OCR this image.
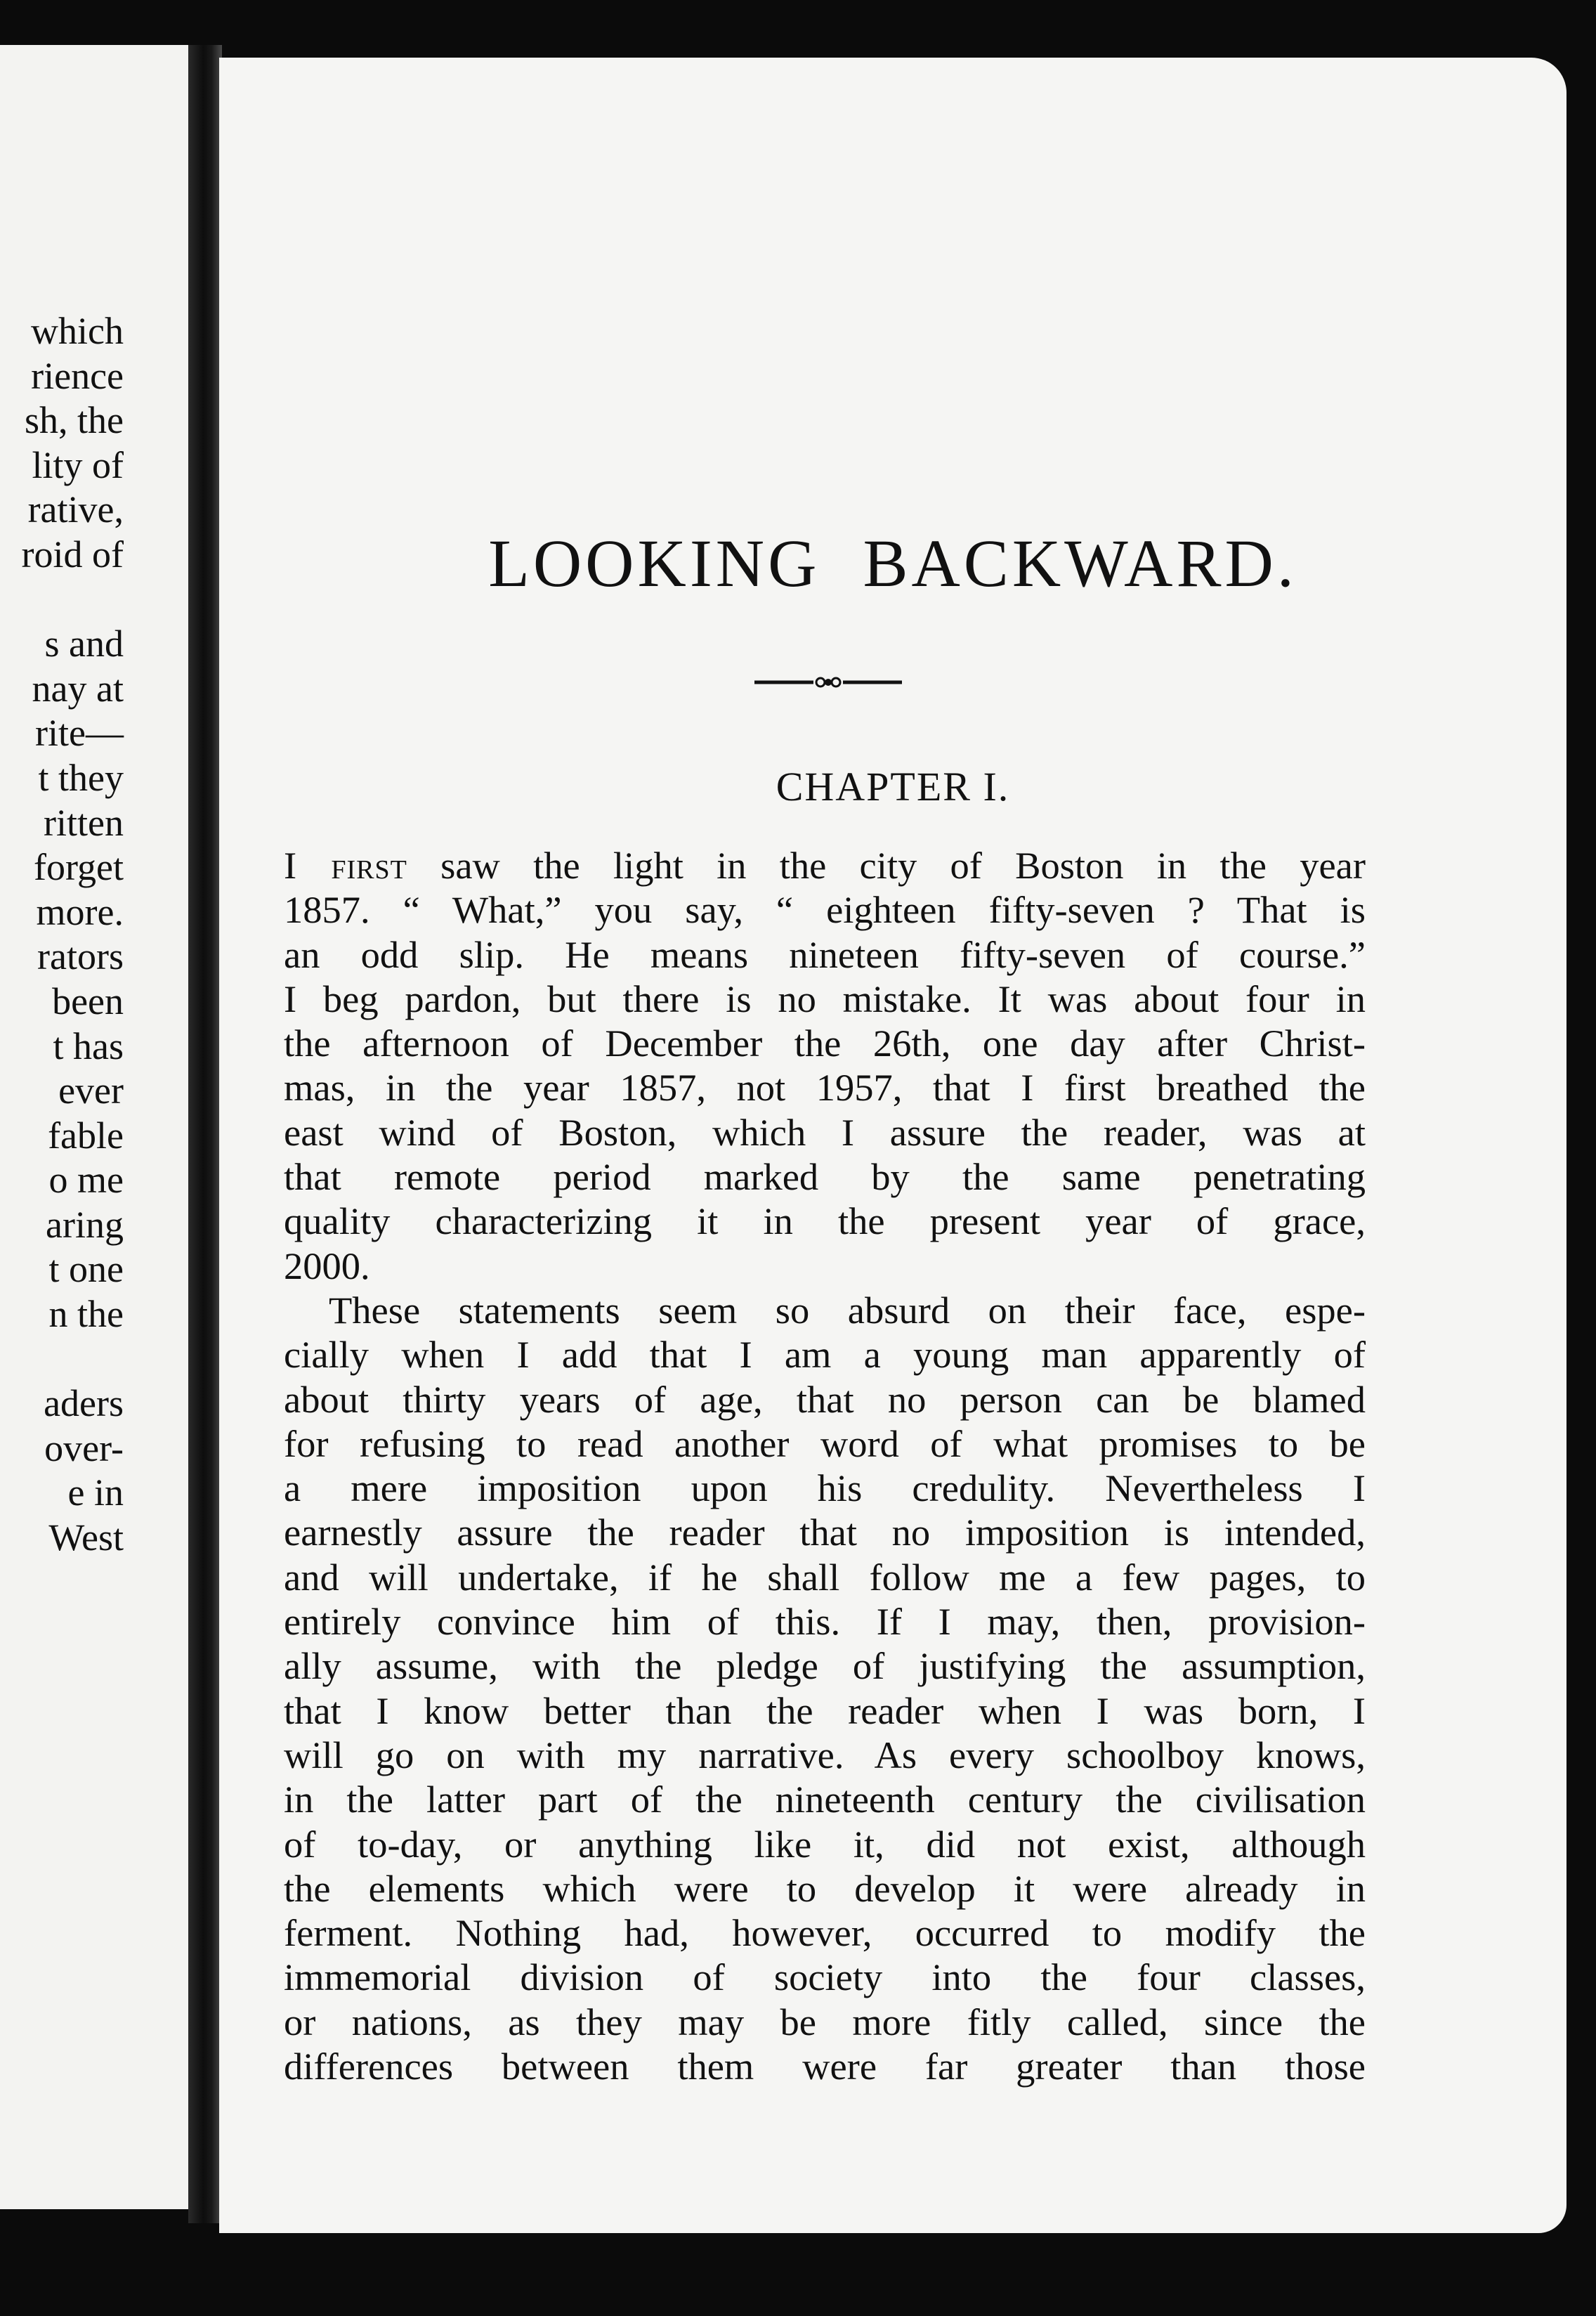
which
rience
sh, the
lity of
rative,
roid of
s and
nay at
rite—
t they
ritten
forget
more.
rators
been
t has
ever
fable
o me
aring
t one
n the
aders
over-
e in
West
LOOKING BACKWARD.
CHAPTER I.

I first saw the light in the city of Boston in the year
1857. “ What,” you say, “ eighteen fifty-seven ? That is
an odd slip. He means nineteen fifty-seven of course.”
I beg pardon, but there is no mistake. It was about four in
the afternoon of December the 26th, one day after Christ-
mas, in the year 1857, not 1957, that I first breathed the
east wind of Boston, which I assure the reader, was at
that remote period marked by the same penetrating
quality characterizing it in the present year of grace,
2000.

These statements seem so absurd on their face, espe-
cially when I add that I am a young man apparently of
about thirty years of age, that no person can be blamed
for refusing to read another word of what promises to be
a mere imposition upon his credulity. Nevertheless I
earnestly assure the reader that no imposition is intended,
and will undertake, if he shall follow me a few pages, to
entirely convince him of this. If I may, then, provision-
ally assume, with the pledge of justifying the assumption,
that I know better than the reader when I was born, I
will go on with my narrative. As every schoolboy knows,
in the latter part of the nineteenth century the civilisation
of to-day, or anything like it, did not exist, although
the elements which were to develop it were already in
ferment. Nothing had, however, occurred to modify the
immemorial division of society into the four classes,
or nations, as they may be more fitly called, since the
differences between them were far greater than those
